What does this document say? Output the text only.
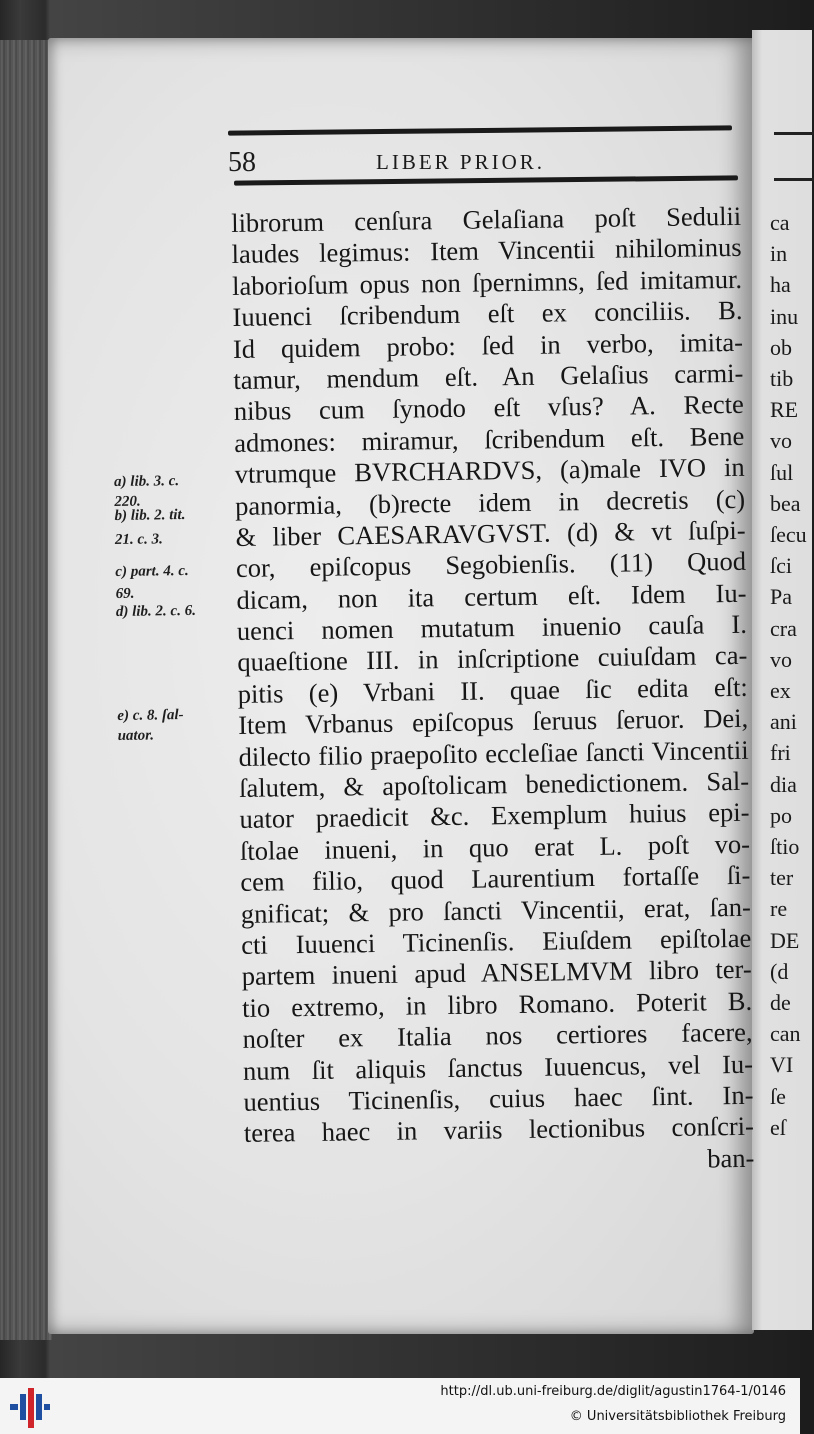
ca
in
ha
inu
ob
tib
RE
vo
ſul
bea
ſecu
ſci
Pa
cra
vo
ex
ani
fri
dia
po
ſtio
ter
re
DE
(d
de
can
VI
ſe
eſ
58	LIBER PRIOR.
librorum cenſura Gelaſiana poſt Sedulii
laudes legimus: Item Vincentii nihilominus
laborioſum opus non ſpernimns, ſed imitamur.
Iuuenci ſcribendum eſt ex conciliis. B.
Id quidem probo: ſed in verbo, imita-
tamur, mendum eſt. An Gelaſius carmi-
nibus cum ſynodo eſt vſus? A. Recte
admones: miramur, ſcribendum eſt. Bene
vtrumque BVRCHARDVS, (a)male IVO in
panormia, (b)recte idem in decretis (c)
& liber CAESARAVGVST. (d) & vt ſuſpi-
cor, epiſcopus Segobienſis. (11) Quod
dicam, non ita certum eſt. Idem Iu-
uenci nomen mutatum inuenio cauſa I.
quaeſtione III. in inſcriptione cuiuſdam ca-
pitis (e) Vrbani II. quae ſic edita eſt:
Item Vrbanus epiſcopus ſeruus ſeruor. Dei,
dilecto filio praepoſito eccleſiae ſancti Vincentii
ſalutem, & apoſtolicam benedictionem. Sal-
uator praedicit &c. Exemplum huius epi-
ſtolae inueni, in quo erat L. poſt vo-
cem filio, quod Laurentium fortaſſe ſi-
gnificat; & pro ſancti Vincentii, erat, ſan-
cti Iuuenci Ticinenſis. Eiuſdem epiſtolae
partem inueni apud ANSELMVM libro ter-
tio extremo, in libro Romano. Poterit B.
noſter ex Italia nos certiores facere,
num ſit aliquis ſanctus Iuuencus, vel Iu-
uentius Ticinenſis, cuius haec ſint. In-
terea haec in variis lectionibus conſcri-
ban-
a) lib. 3. c.
220.
b) lib. 2. tit.
21. c. 3.
c) part. 4. c.
69.
d) lib. 2. c. 6.
e) c. 8. ſal-
uator.
http://dl.ub.uni-freiburg.de/diglit/agustin1764-1/0146
© Universitätsbibliothek Freiburg
